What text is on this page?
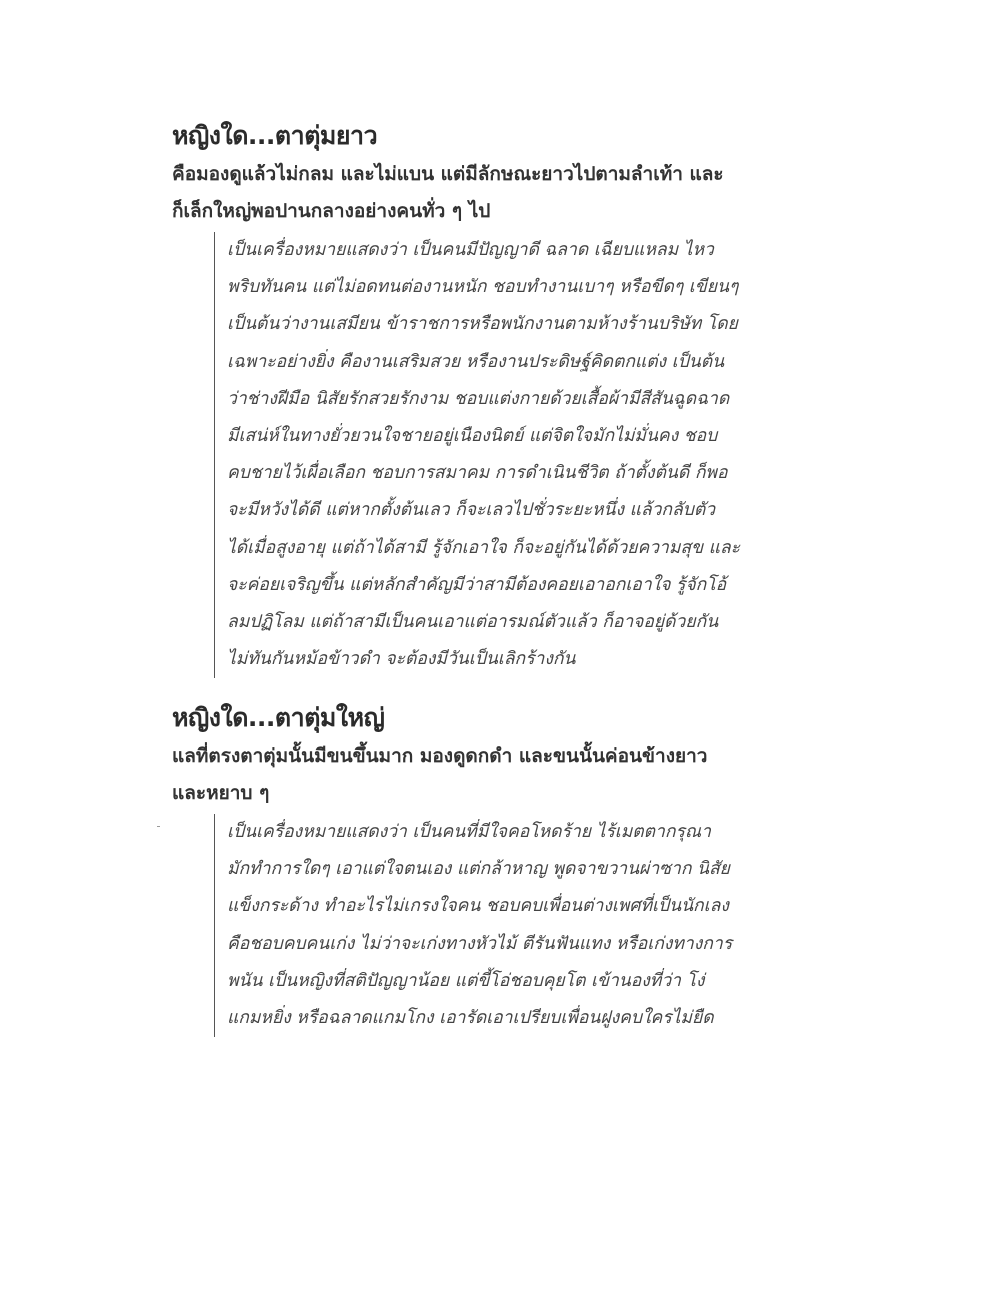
หญิงใด...ตาตุ่มยาว
คือมองดูแล้วไม่กลม และไม่แบน แต่มีลักษณะยาวไปตามลำเท้า และ
ก็เล็กใหญ่พอปานกลางอย่างคนทั่ว ๆ ไป
เป็นเครื่องหมายแสดงว่า เป็นคนมีปัญญาดี ฉลาด เฉียบแหลม ไหว
พริบทันคน แต่ไม่อดทนต่องานหนัก ชอบทำงานเบาๆ หรือขีดๆ เขียนๆ
เป็นต้นว่างานเสมียน ข้าราชการหรือพนักงานตามห้างร้านบริษัท โดย
เฉพาะอย่างยิ่ง คืองานเสริมสวย หรืองานประดิษฐ์คิดตกแต่ง เป็นต้น
ว่าช่างฝีมือ นิสัยรักสวยรักงาม ชอบแต่งกายด้วยเสื้อผ้ามีสีสันฉูดฉาด
มีเสน่ห์ในทางยั่วยวนใจชายอยู่เนืองนิตย์ แต่จิตใจมักไม่มั่นคง ชอบ
คบชายไว้เผื่อเลือก ชอบการสมาคม การดำเนินชีวิต ถ้าตั้งต้นดี ก็พอ
จะมีหวังได้ดี แต่หากตั้งต้นเลว ก็จะเลวไปชั่วระยะหนึ่ง แล้วกลับตัว
ได้เมื่อสูงอายุ แต่ถ้าได้สามี รู้จักเอาใจ ก็จะอยู่กันได้ด้วยความสุข และ
จะค่อยเจริญขึ้น แต่หลักสำคัญมีว่าสามีต้องคอยเอาอกเอาใจ รู้จักโอ้
ลมปฏิโลม แต่ถ้าสามีเป็นคนเอาแต่อารมณ์ตัวแล้ว ก็อาจอยู่ด้วยกัน
ไม่ทันกันหม้อข้าวดำ จะต้องมีวันเป็นเลิกร้างกัน
หญิงใด...ตาตุ่มใหญ่
แลที่ตรงตาตุ่มนั้นมีขนขึ้นมาก มองดูดกดำ และขนนั้นค่อนข้างยาว
และหยาบ ๆ
เป็นเครื่องหมายแสดงว่า เป็นคนที่มีใจคอโหดร้าย ไร้เมตตากรุณา
มักทำการใดๆ เอาแต่ใจตนเอง แต่กล้าหาญ พูดจาขวานผ่าซาก นิสัย
แข็งกระด้าง ทำอะไรไม่เกรงใจคน ชอบคบเพื่อนต่างเพศที่เป็นนักเลง
คือชอบคบคนเก่ง ไม่ว่าจะเก่งทางหัวไม้ ตีรันฟันแทง หรือเก่งทางการ
พนัน เป็นหญิงที่สติปัญญาน้อย แต่ขี้โอ่ชอบคุยโต เข้านองที่ว่า โง่
แกมหยิ่ง หรือฉลาดแกมโกง เอารัดเอาเปรียบเพื่อนฝูงคบใครไม่ยืด
